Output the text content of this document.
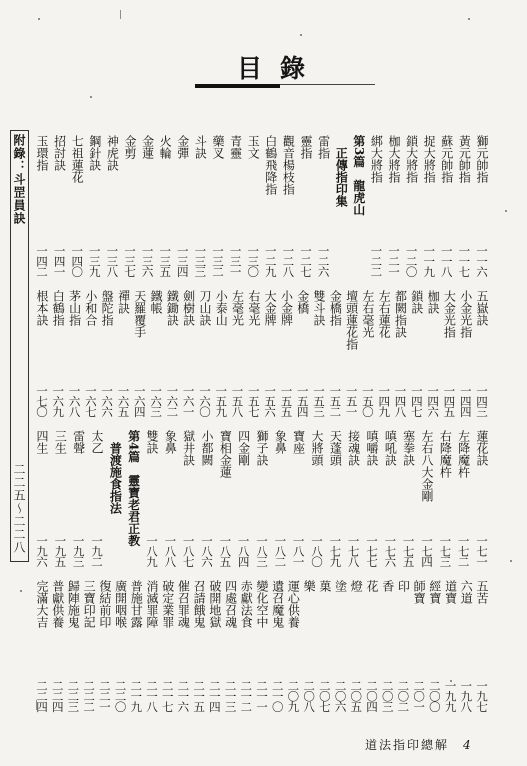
目錄
附錄：斗罡員訣
二二五～二二八
獅元帥指
一一六
黃元帥指
一一七
蘇元帥指
一一八
捉大將指
一一九
鎖大將指
一二〇
枷大將指
一二一
綁大將指
一二二
第3篇　龍虎山
　正傳指印集
雷指
一二六
靈指
一二七
觀音楊枝指
一二八
白鶴飛降指
一二九
玉文
一三〇
青靈
一三一
藥叉
一三二
斗訣
一三三
金彈
一三四
火輪
一三五
金蓮
一三六
金剪
一三七
神虎訣
一三八
鋼針訣
一三九
七祖蓮花
一四〇
招討訣
一四一
玉環指
一四二
五嶽訣
一四三
小金光指
一四四
大金光指
一四五
枷訣
一四六
鎖訣
一四七
都闕指訣
一四八
左右蓮花
一四九
左右毫光
一五〇
壇頭蓮花指
一五一
金橋指
一五二
雙斗訣
一五三
金橋
一五四
小金牌
一五五
大金牌
一五六
右毫光
一五七
左毫光
一五八
小泰山
一五九
刀山訣
一六〇
劍樹訣
一六一
鐵鋤訣
一六二
鐵帳
一六三
天羅覆手
一六四
禪訣
一六五
盤陀指
一六六
小和合
一六七
茅山指
一六八
白鶴指
一六九
根本訣
一七〇
蓮花訣
一七一
左降魔杵
一七二
右降魔杵
一七三
左右八大金剛
一七四
塞拳訣
一七五
嗔吼訣
一七六
嗔嚼訣
一七七
接魂訣
一七八
天蓬頭
一七九
大將頭
一八〇
寶座
一八一
象鼻
一八二
獅子訣
一八三
四金剛
一八四
寶相金蓮
一八五
小都闕
一八六
獄井訣
一八七
象鼻
一八八
雙訣
一八九
第4篇　靈寶老君正教
　普渡施食指法
太乙
一九二
雷聲
一九三
三生
一九五
四生
一九六
五苦
一九七
六道
一九八
道寶
一九九
經寶
二〇〇
師寶
二〇一
印
二〇二
香
二〇三
花
二〇四
燈
二〇五
塗
二〇六
菓
二〇七
樂
二〇八
運心供養
二〇九
遺召魔鬼
二一〇
變化空中
二一一
赤獻法食
二一二
四處召魂
二一三
破開地獄
二一四
召請餓鬼
二一五
催召罪魂
二一六
破定業罪
二一七
消滅罪障
二一八
普施甘露
二一九
廣開咽喉
二二〇
復結前印
二二一
三寶印記
二二二
歸陣施鬼
二二三
普獻供養
二二四
完滿大吉
二二四
道法指印總解 4
